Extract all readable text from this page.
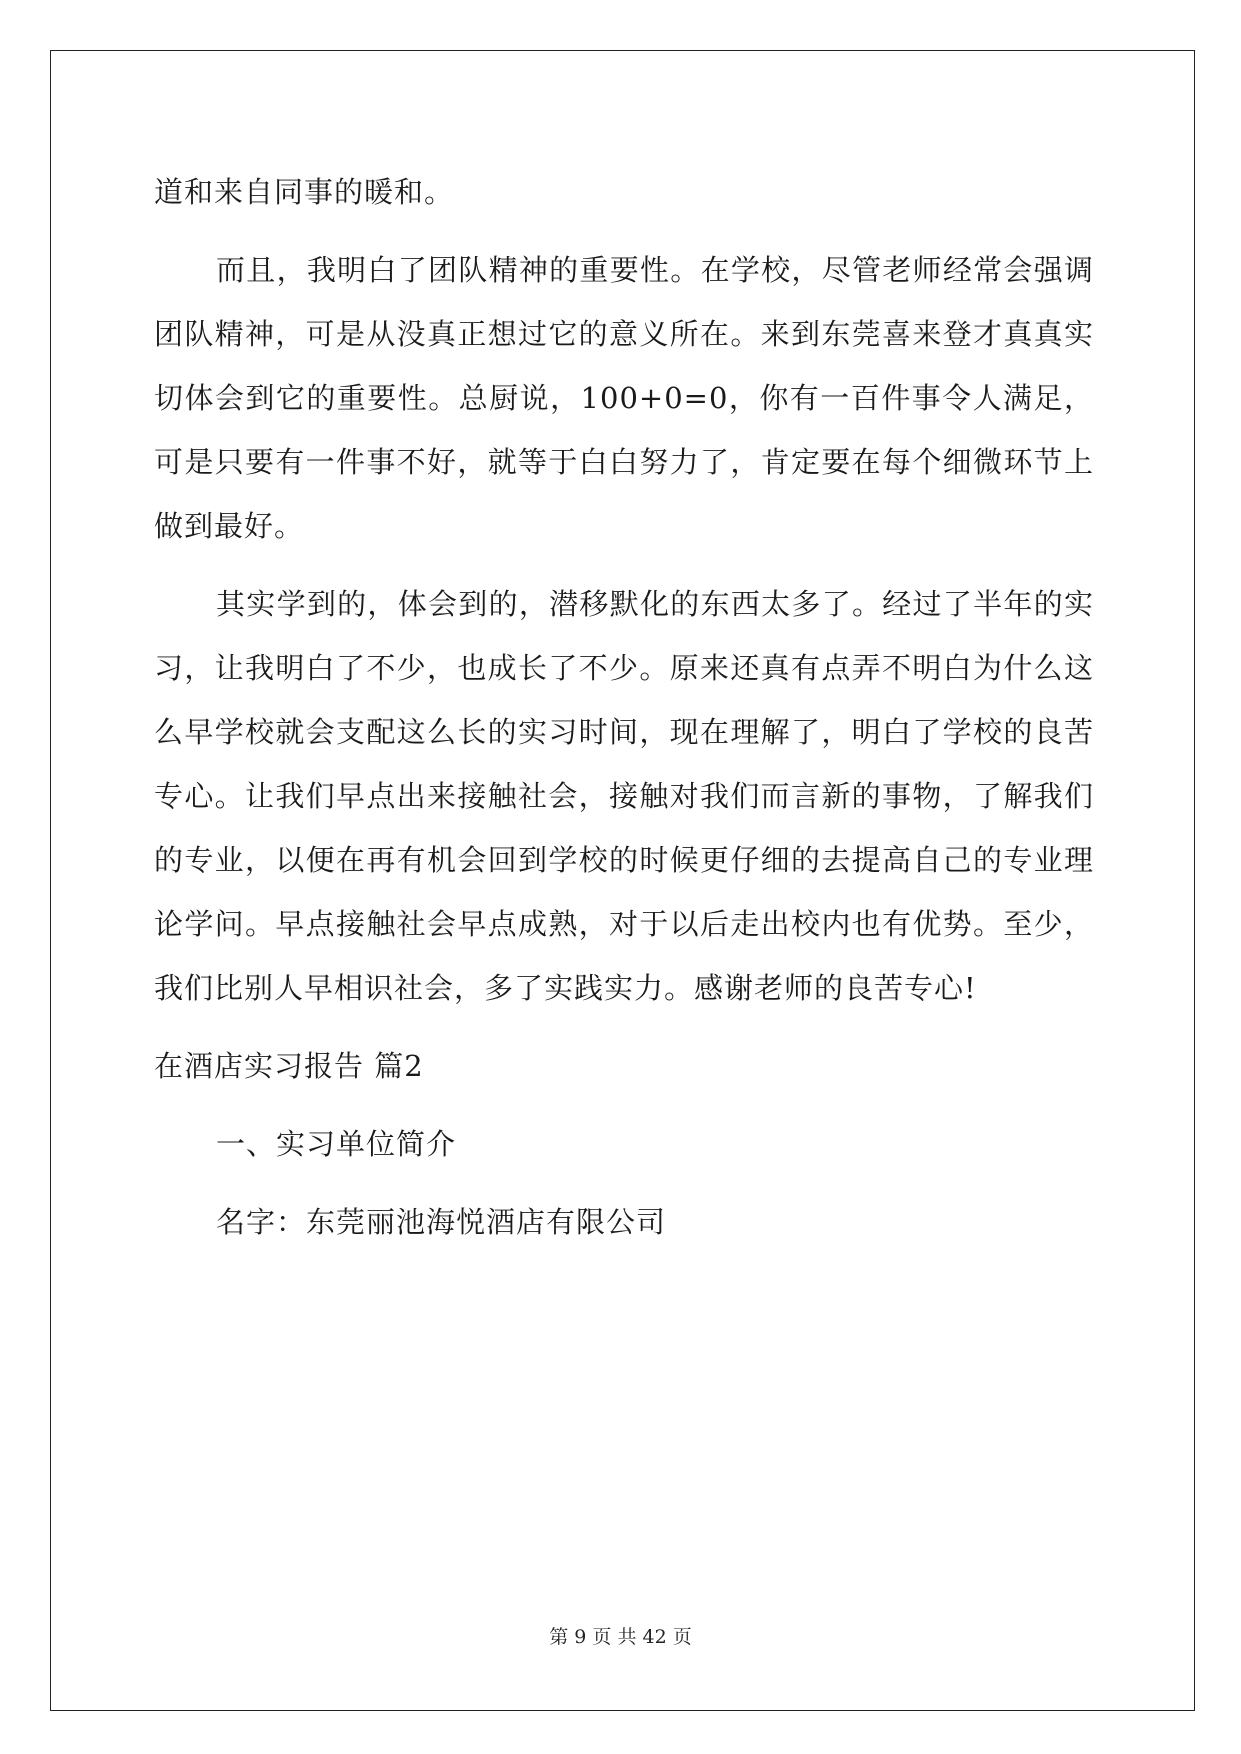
道和来自同事的暖和。

而且，我明白了团队精神的重要性。在学校，尽管老师经常会强调团队精神，可是从没真正想过它的意义所在。来到东莞喜来登才真真实切体会到它的重要性。总厨说，100+0=0，你有一百件事令人满足，可是只要有一件事不好，就等于白白努力了，肯定要在每个细微环节上做到最好。

其实学到的，体会到的，潜移默化的东西太多了。经过了半年的实习，让我明白了不少，也成长了不少。原来还真有点弄不明白为什么这么早学校就会支配这么长的实习时间，现在理解了，明白了学校的良苦专心。让我们早点出来接触社会，接触对我们而言新的事物，了解我们的专业，以便在再有机会回到学校的时候更仔细的去提高自己的专业理论学问。早点接触社会早点成熟，对于以后走出校内也有优势。至少，我们比别人早相识社会，多了实践实力。感谢老师的良苦专心!

在酒店实习报告 篇2

一、实习单位简介

名字：东莞丽池海悦酒店有限公司

第 9 页 共 42 页
